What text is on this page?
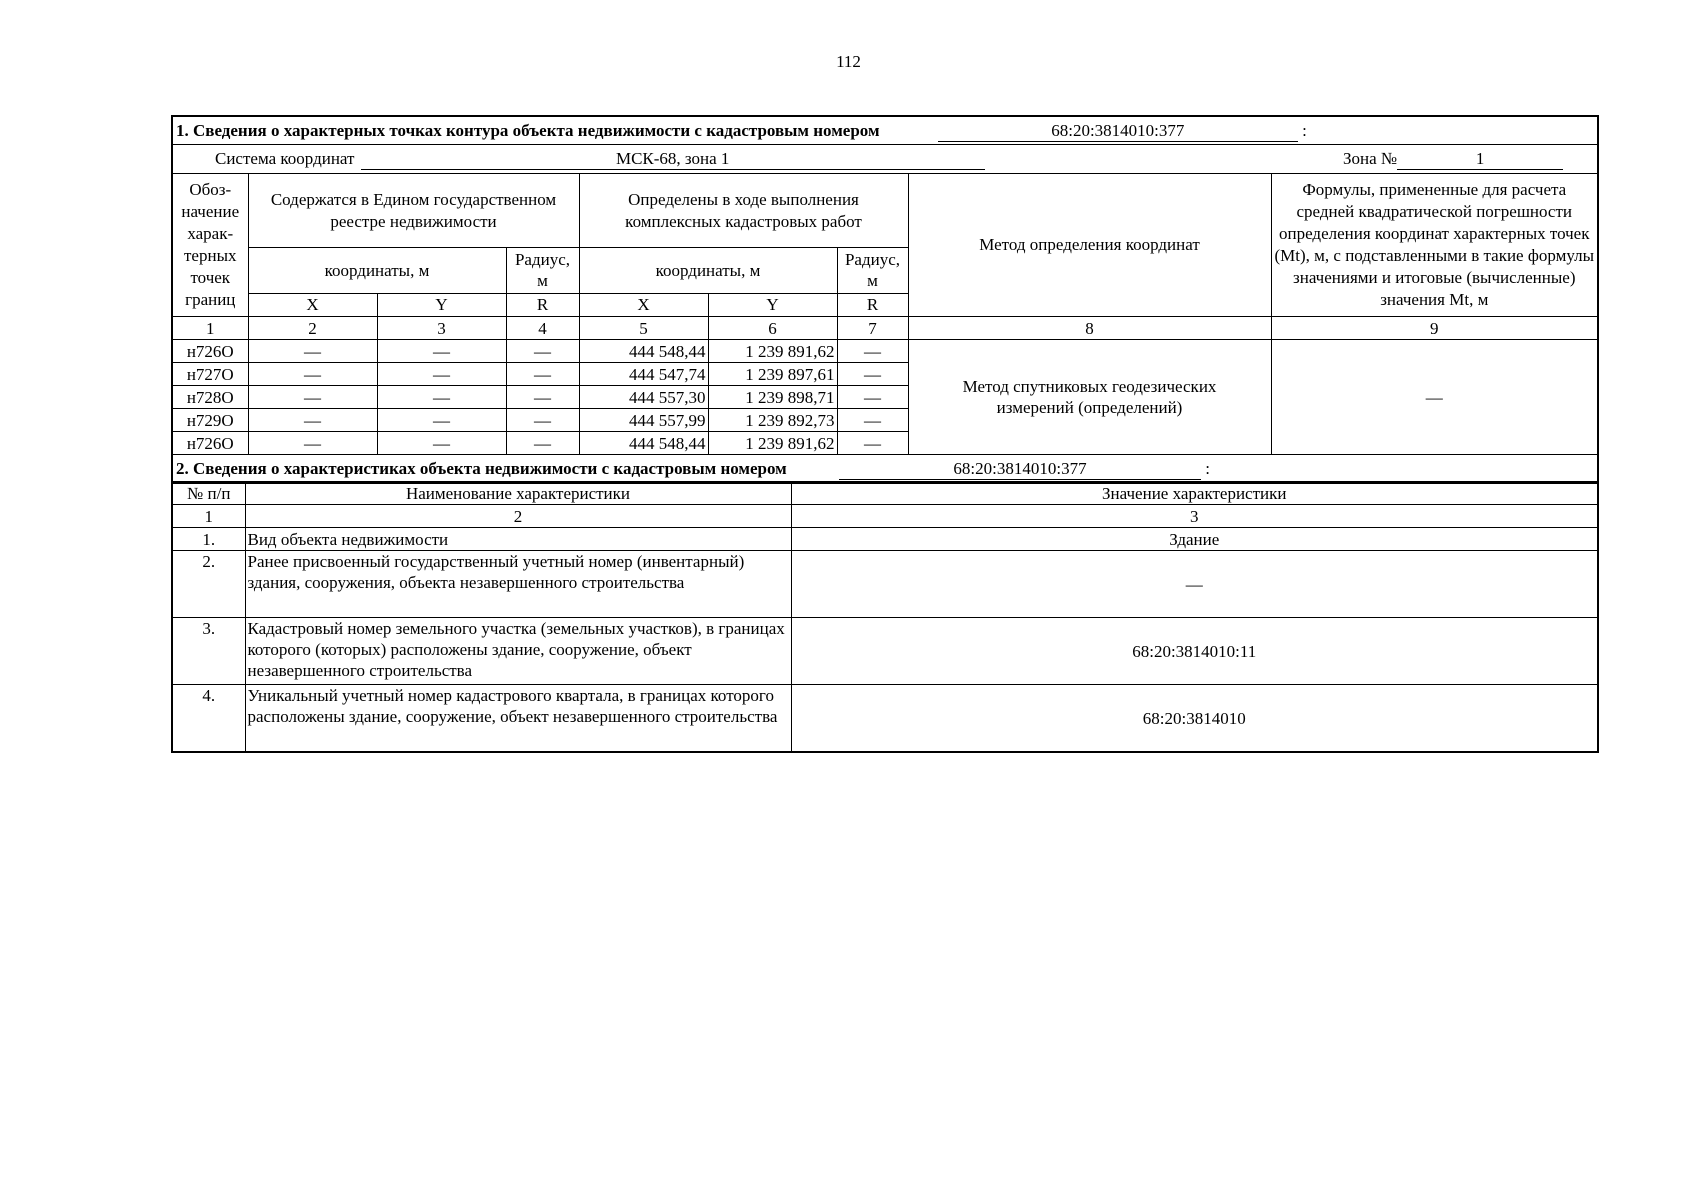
112
1. Сведения о характерных точках контура объекта недвижимости с кадастровым номером 68:20:3814010:377 :								
Система координат МСК-68, зона 1 Зона № 1								
Обоз-начение харак-терных точек границ	Содержатся в Едином государственном реестре недвижимости			Определены в ходе выполнения комплексных кадастровых работ			Метод определения координат	Формулы, примененные для расчета средней квадратической погрешности определения координат характерных точек (Mt), м, с подставленными в такие формулы значениями и итоговые (вычисленные) значения Mt, м
	координаты, м		Радиус, м	координаты, м		Радиус, м		
	X	Y	R	X	Y	R		
1	2	3	4	5	6	7	8	9
н726О	—	—	—	444 548,44	1 239 891,62	—	Метод спутниковых геодезических измерений (определений)	—
н727О	—	—	—	444 547,74	1 239 897,61	—		
н728О	—	—	—	444 557,30	1 239 898,71	—		
н729О	—	—	—	444 557,99	1 239 892,73	—		
н726О	—	—	—	444 548,44	1 239 891,62	—		
2. Сведения о характеристиках объекта недвижимости с кадастровым номером 68:20:3814010:377 :								
№ п/п	Наименование характеристики	Значение характеристики
1	2	3
1.	Вид объекта недвижимости	Здание
2.	Ранее присвоенный государственный учетный номер (инвентарный) здания, сооружения, объекта незавершенного строительства	—
3.	Кадастровый номер земельного участка (земельных участков), в границах которого (которых) расположены здание, сооружение, объект незавершенного строительства	68:20:3814010:11
4.	Уникальный учетный номер кадастрового квартала, в границах которого расположены здание, сооружение, объект незавершенного строительства	68:20:3814010
